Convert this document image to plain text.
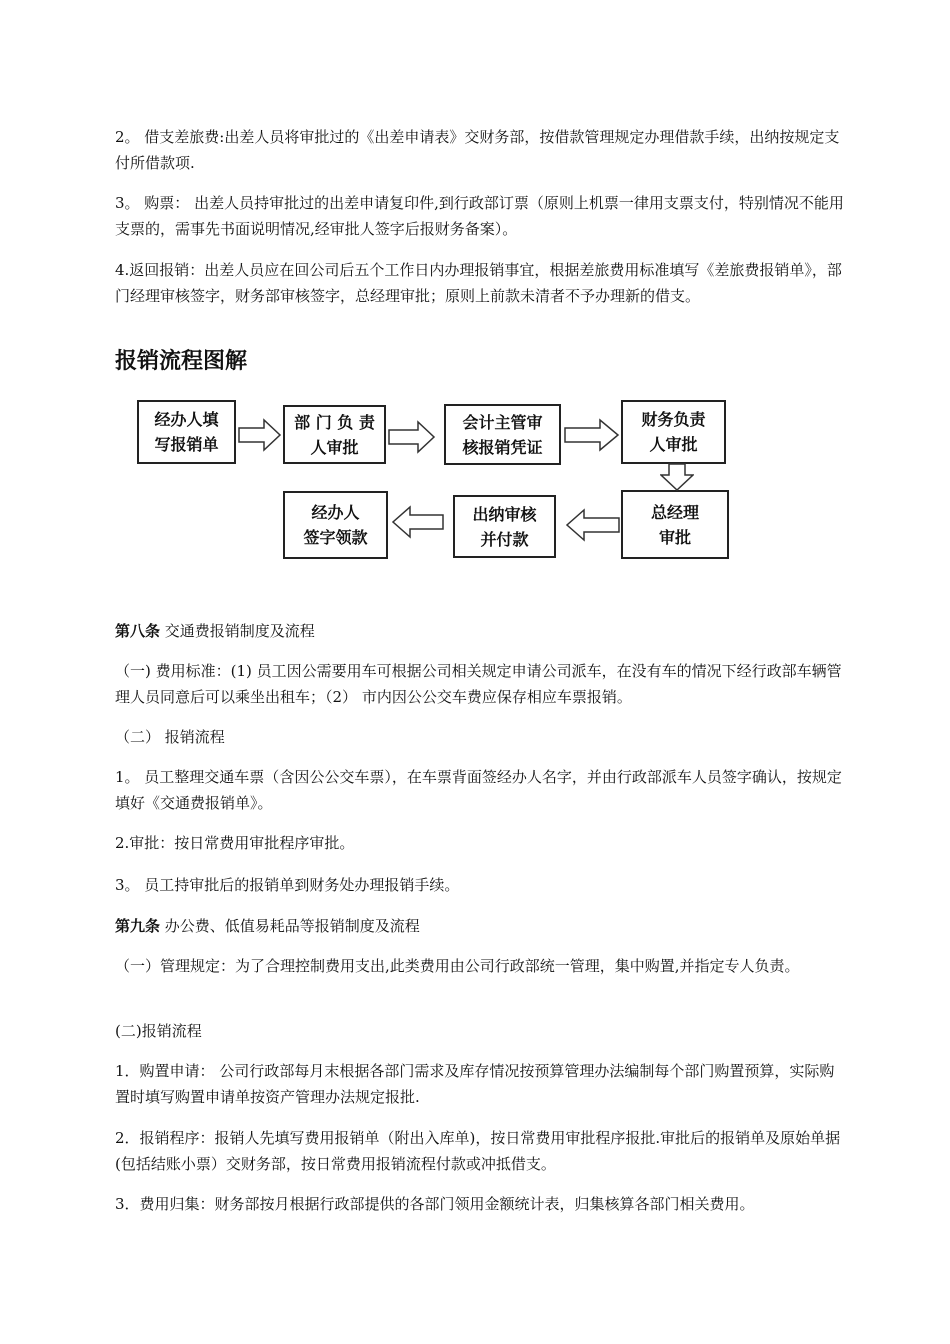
2。 借支差旅费:出差人员将审批过的《出差申请表》交财务部，按借款管理规定办理借款手续，出纳按规定支付所借款项.

3。 购票： 出差人员持审批过的出差申请复印件,到行政部订票（原则上机票一律用支票支付，特别情况不能用支票的，需事先书面说明情况,经审批人签字后报财务备案）。

4.返回报销：出差人员应在回公司后五个工作日内办理报销事宜，根据差旅费用标准填写《差旅费报销单》，部门经理审核签字，财务部审核签字，总经理审批；原则上前款未清者不予办理新的借支。

报销流程图解
经办人填
写报销单
部 门 负 责
人审批
会计主管审
核报销凭证
财务负责
人审批
总经理
审批
出纳审核
并付款
经办人
签字领款

第八条 交通费报销制度及流程

（一) 费用标准：(1) 员工因公需要用车可根据公司相关规定申请公司派车，在没有车的情况下经行政部车辆管理人员同意后可以乘坐出租车；（2） 市内因公公交车费应保存相应车票报销。

（二） 报销流程

1。 员工整理交通车票（含因公公交车票），在车票背面签经办人名字，并由行政部派车人员签字确认，按规定填好《交通费报销单》。

2.审批：按日常费用审批程序审批。

3。 员工持审批后的报销单到财务处办理报销手续。

第九条 办公费、低值易耗品等报销制度及流程

（一）管理规定：为了合理控制费用支出,此类费用由公司行政部统一管理，集中购置,并指定专人负责。

(二)报销流程

1．购置申请： 公司行政部每月末根据各部门需求及库存情况按预算管理办法编制每个部门购置预算，实际购置时填写购置申请单按资产管理办法规定报批.

2．报销程序：报销人先填写费用报销单（附出入库单)，按日常费用审批程序报批.审批后的报销单及原始单据(包括结账小票）交财务部，按日常费用报销流程付款或冲抵借支。

3．费用归集：财务部按月根据行政部提供的各部门领用金额统计表，归集核算各部门相关费用。
